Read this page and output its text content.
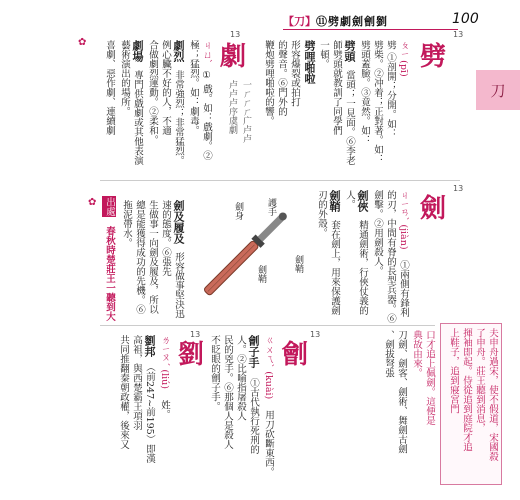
【刀】 ⑪劈劇劍劊劉	100
刀
13
劈
ㄆㄧ (pī)
劈 ①剖開；分開。如：
劈柴。②冲着；正對著。如：
劈頭蓋臉。③竟然。如：
劈頭
當頭；一見面。⑥李老
師劈頭就教訓了同學們
一頓。
劈哩啪啦
形容爆裂或拍打
的聲音。⑥門外的
鞭炮劈哩啪啦的響。
13
劇
一ㄏㄏㄏ广卢卢
卢卢卢序虞劇
ㄐㄩˋ
① 戲。如：戲劇。②
極；猛烈。如：劇毒。
劇烈
非常強烈；非常猛烈。
例心臟不好的人，不適
合做劇烈運動。②柔和。
劇場
專門供戲劇或其他表演
藝術演出的場所。
喜劇、惡作劇、連續劇
✿
13
劍
ㄐㄧㄢˋ (jiàn)
①兩側有鋒利
的刃，中間有脊的長型兵器。⑥
劍擊。②用劍殺人。
劍俠
精通劍術，行俠仗義的
人。
劍鞘
套在劍上，用來保護劍
刃的外殼。
護手
劍身
劍鞘
劍鞘
劍及履及
形容做事堅決迅
速的態度。⑥張先
生做事一向劍及履及，所以
總是能獲得成功的先機。⑥
拖泥帶水。
出處
春秋時楚莊王一聽到大
夫申舟過宋，使不假道，宋國殺
了申舟。莊王聽到消息，
揮袖即起。侍從追到庭院才追
上鞋子，追到寢宮門
口才追上佩劍。這便是
典故由來。
刀劍、劍客、劍術、舞劍古劍
、劍拔弩張
13
劊
ㄍㄨㄟˋ (kuài)
用刀砍斷東西。
劊子手
①古代執行死刑的
人。②比喻指屠殺人
民的兇手。⑥那個人是殺人
不眨眼的劊子手。
13
劉
ㄌㄧㄡˊ (liú)
姓。
劉邦
（前247~前195）即漢
高祖，與西楚霸王項羽
共同推翻秦朝政權，後來又
✿
